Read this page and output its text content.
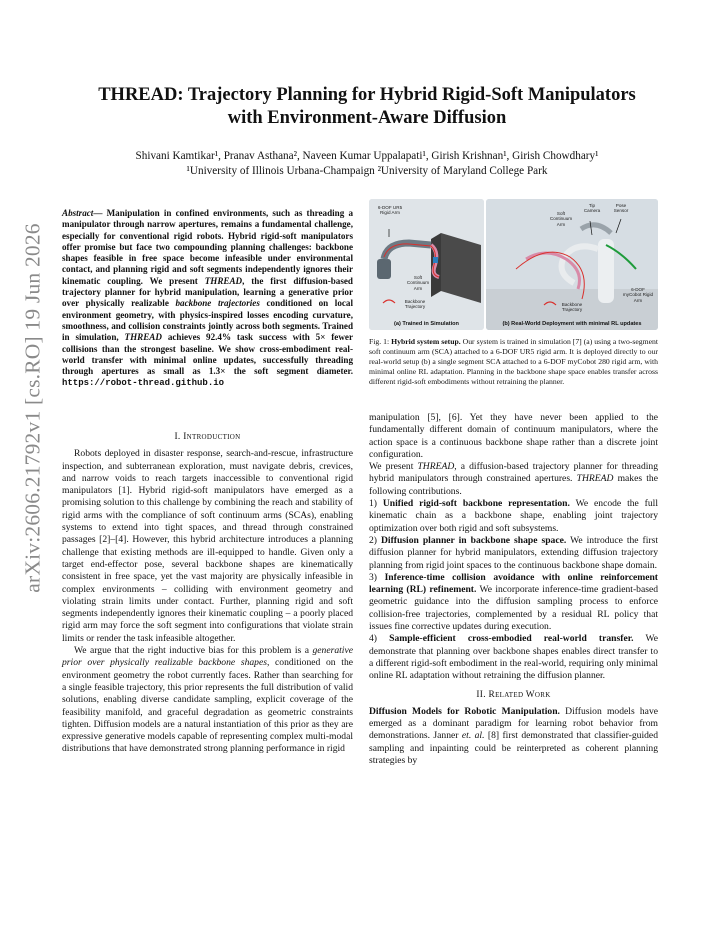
arXiv:2606.21792v1 [cs.RO] 19 Jun 2026
THREAD: Trajectory Planning for Hybrid Rigid-Soft Manipulators
with Environment-Aware Diffusion
Shivani Kamtikar¹, Pranav Asthana², Naveen Kumar Uppalapati¹, Girish Krishnan¹, Girish Chowdhary¹
¹University of Illinois Urbana-Champaign ²University of Maryland College Park

Abstract— Manipulation in confined environments, such as threading a manipulator through narrow apertures, remains a fundamental challenge, especially for conventional rigid robots. Hybrid rigid-soft manipulators offer promise but face two compounding planning challenges: backbone shapes feasible in free space become infeasible under environmental contact, and planning rigid and soft segments independently ignores their kinematic coupling. We present THREAD, the first diffusion-based trajectory planner for hybrid manipulation, learning a generative prior over physically realizable backbone trajectories conditioned on local environment geometry, with physics-inspired losses encoding curvature, smoothness, and collision constraints jointly across both segments. Trained in simulation, THREAD achieves 92.4% task success with 5× fewer collisions than the strongest baseline. We show cross-embodiment real-world transfer with minimal online updates, successfully threading through apertures as small as 1.3× the soft segment diameter. https://robot-thread.github.io

I. Introduction

Robots deployed in disaster response, search-and-rescue, infrastructure inspection, and subterranean exploration, must navigate debris, crevices, and narrow voids to reach targets inaccessible to conventional rigid manipulators [1]. Hybrid rigid-soft manipulators have emerged as a promising solution to this challenge by combining the reach and stability of rigid arms with the compliance of soft continuum arms (SCAs), enabling systems to extend into tight spaces, and thread through constrained passages [2]–[4]. However, this hybrid architecture introduces a planning challenge that existing methods are ill-equipped to handle. Given only a target end-effector pose, several backbone shapes are kinematically consistent in free space, yet the vast majority are physically infeasible in complex environments – colliding with environment geometry and violating strain limits under contact. Further, planning rigid and soft segments independently ignores their kinematic coupling – a poorly placed rigid arm may force the soft segment into configurations that violate strain limits or render the task infeasible altogether.

We argue that the right inductive bias for this problem is a generative prior over physically realizable backbone shapes, conditioned on the environment geometry the robot currently faces. Rather than searching for a single feasible trajectory, this prior represents the full distribution of valid solutions, enabling diverse candidate sampling, explicit coverage of the feasibility manifold, and graceful degradation as geometric constraints tighten. Diffusion models are a natural instantiation of this prior as they are expressive generative models capable of representing complex multi-modal distributions that have demonstrated strong planning performance in rigid

6-DOF UR5 Rigid Arm
Soft Continuum Arm
Backbone Trajectory
(a) Trained in Simulation
Soft Continuum Arm
Tip Camera
Pose Sensor
6-DOF myCobot Rigid Arm
Backbone Trajectory
(b) Real-World Deployment with minimal RL updates
Fig. 1: Hybrid system setup. Our system is trained in simulation [7] (a) using a two-segment soft continuum arm (SCA) attached to a 6-DOF UR5 rigid arm. It is deployed directly to our real-world setup (b) a single segment SCA attached to a 6-DOF myCobot 280 rigid arm, with minimal online RL adaptation. Planning in the backbone shape space enables transfer across different rigid-soft embodiments without retraining the planner.

manipulation [5], [6]. Yet they have never been applied to the fundamentally different domain of continuum manipulators, where the action space is a continuous backbone shape rather than a discrete joint configuration.

We present THREAD, a diffusion-based trajectory planner for threading hybrid manipulators through constrained apertures. THREAD makes the following contributions.

1) Unified rigid-soft backbone representation. We encode the full kinematic chain as a backbone shape, enabling joint trajectory optimization over both rigid and soft subsystems.

2) Diffusion planner in backbone shape space. We introduce the first diffusion planner for hybrid manipulators, extending diffusion trajectory planning from rigid joint spaces to the continuous backbone shape domain.

3) Inference-time collision avoidance with online reinforcement learning (RL) refinement. We incorporate inference-time gradient-based geometric guidance into the diffusion sampling process to enforce collision-free trajectories, complemented by a residual RL policy that issues fine corrective updates during execution.

4) Sample-efficient cross-embodied real-world transfer. We demonstrate that planning over backbone shapes enables direct transfer to a different rigid-soft embodiment in the real-world, requiring only minimal online RL adaptation without retraining the diffusion planner.

II. Related Work

Diffusion Models for Robotic Manipulation. Diffusion models have emerged as a dominant paradigm for learning robot behavior from demonstrations. Janner et. al. [8] first demonstrated that classifier-guided sampling and inpainting could be reinterpreted as coherent planning strategies by
